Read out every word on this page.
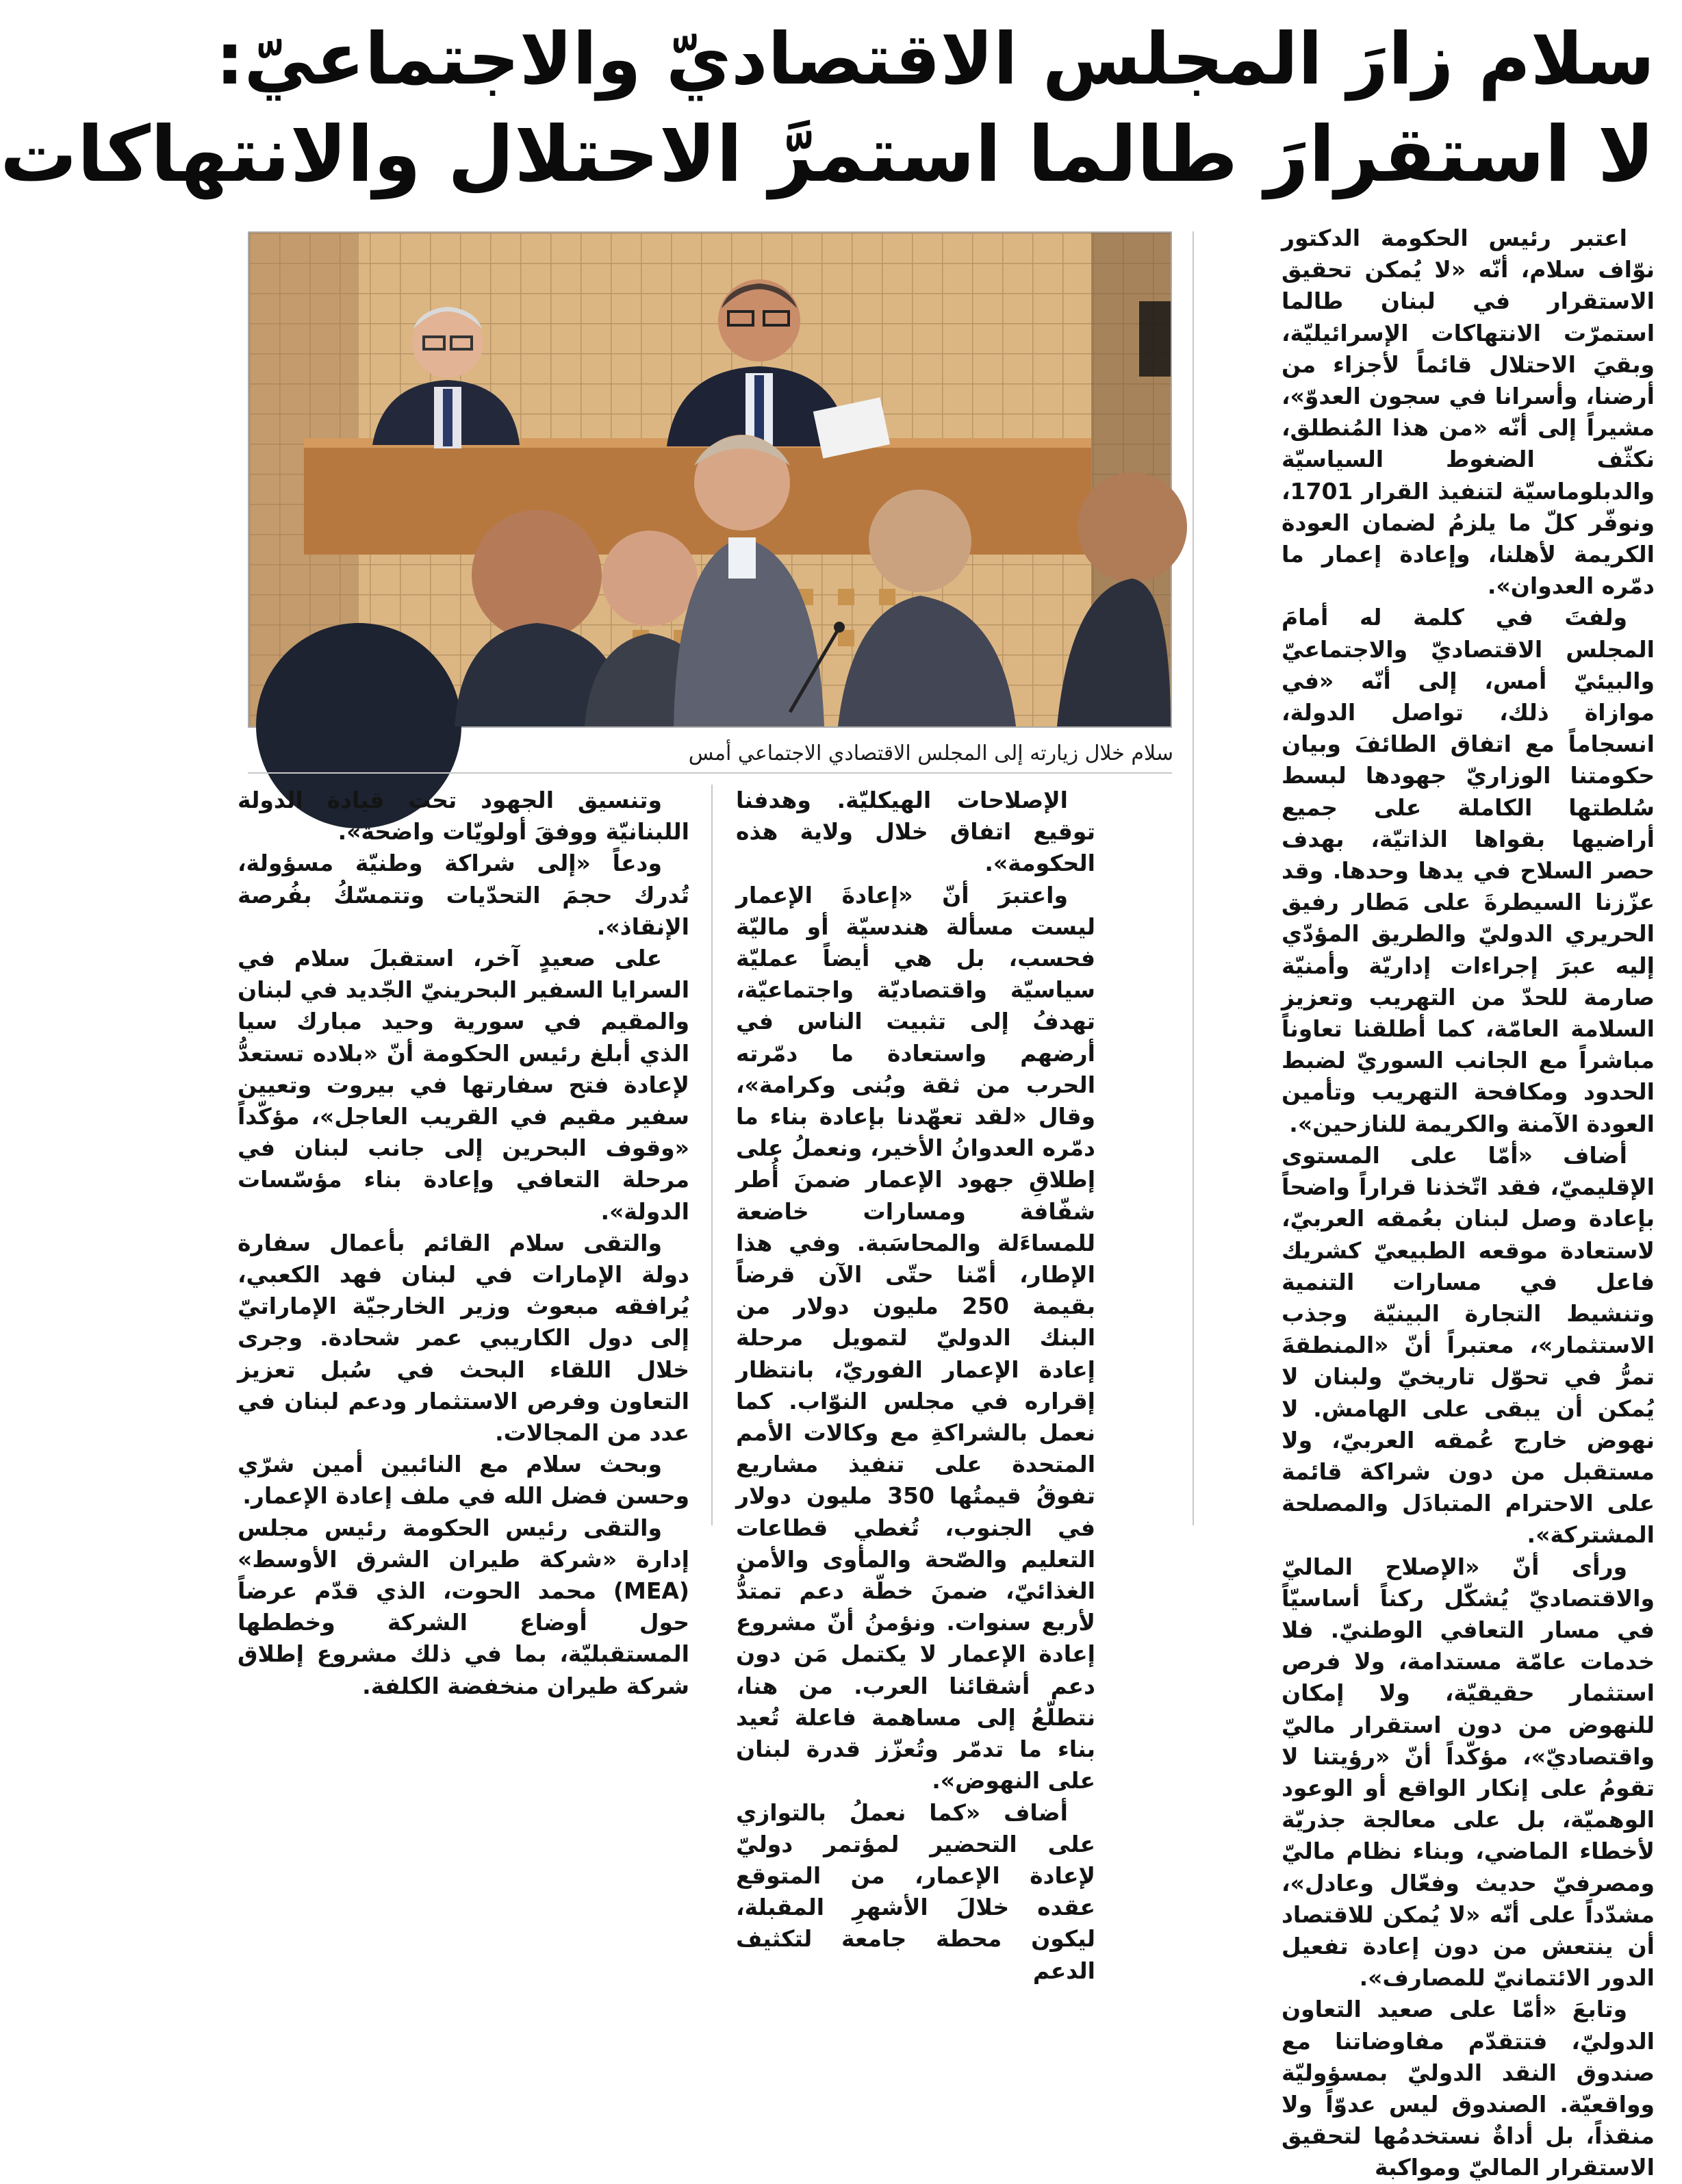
سلام زارَ المجلس الاقتصاديّ والاجتماعيّ:
لا استقرارَ طالما استمرَّ الاحتلال والانتهاكات
سلام خلال زيارته إلى المجلس الاقتصادي الاجتماعي أمس

اعتبر رئيس الحكومة الدكتور نوّاف سلام، أنّه «لا يُمكن تحقيق الاستقرار في لبنان طالما استمرّت الانتهاكات الإسرائيليّة، وبقيَ الاحتلال قائماً لأجزاء من أرضنا، وأسرانا في سجون العدوّ»، مشيراً إلى أنّه «من هذا المُنطلق، نكثّف الضغوط السياسيّة والدبلوماسيّة لتنفيذ القرار 1701، ونوفّر كلّ ما يلزمُ لضمان العودة الكريمة لأهلنا، وإعادة إعمار ما دمّره العدوان».

ولفتَ في كلمة له أمامَ المجلس الاقتصاديّ والاجتماعيّ والبيئيّ أمس، إلى أنّه «في موازاة ذلك، تواصل الدولة، انسجاماً مع اتفاق الطائفَ وبيان حكومتنا الوزاريّ جهودها لبسط سُلطتها الكاملة على جميع أراضيها بقواها الذاتيّة، بهدف حصر السلاح في يدها وحدها. وقد عزّزنا السيطرةَ على مَطار رفيق الحريري الدوليّ والطريق المؤدّي إليه عبرَ إجراءات إداريّة وأمنيّة صارمة للحدّ من التهريب وتعزيز السلامة العامّة، كما أطلقنا تعاوناً مباشراً مع الجانب السوريّ لضبط الحدود ومكافحة التهريب وتأمين العودة الآمنة والكريمة للنازحين».

أضاف «أمّا على المستوى الإقليميّ، فقد اتّخذنا قراراً واضحاً بإعادة وصل لبنان بعُمقه العربيّ، لاستعادة موقعه الطبيعيّ كشريك فاعل في مسارات التنمية وتنشيط التجارة البينيّة وجذب الاستثمار»، معتبراً أنّ «المنطقةَ تمرُّ في تحوّل تاريخيّ ولبنان لا يُمكن أن يبقى على الهامش. لا نهوض خارج عُمقه العربيّ، ولا مستقبل من دون شراكة قائمة على الاحترام المتبادَل والمصلحة المشتركة».

ورأى أنّ «الإصلاح الماليّ والاقتصاديّ يُشكّل ركناً أساسيّاً في مسار التعافي الوطنيّ. فلا خدمات عامّة مستدامة، ولا فرص استثمار حقيقيّة، ولا إمكان للنهوض من دون استقرار ماليّ واقتصاديّ»، مؤكّداً أنّ «رؤيتنا لا تقومُ على إنكار الواقع أو الوعود الوهميّة، بل على معالجة جذريّة لأخطاء الماضي، وبناء نظام ماليّ ومصرفيّ حديث وفعّال وعادل»، مشدّداً على أنّه «لا يُمكن للاقتصاد أن ينتعش من دون إعادة تفعيل الدور الائتمانيّ للمصارف».

وتابعَ «أمّا على صعيد التعاون الدوليّ، فتتقدّم مفاوضاتنا مع صندوق النقد الدوليّ بمسؤوليّة وواقعيّة. الصندوق ليس عدوّاً ولا منقذاً، بل أداةٌ نستخدمُها لتحقيق الاستقرار الماليّ ومواكبة

الإصلاحات الهيكليّة. وهدفنا توقيع اتفاق خلال ولاية هذه الحكومة».

واعتبرَ أنّ «إعادةَ الإعمار ليست مسألة هندسيّة أو ماليّة فحسب، بل هي أيضاً عمليّة سياسيّة واقتصاديّة واجتماعيّة، تهدفُ إلى تثبيت الناس في أرضهم واستعادة ما دمّرته الحرب من ثقة وبُنى وكرامة»، وقال «لقد تعهّدنا بإعادة بناء ما دمّره العدوانُ الأخير، ونعملُ على إطلاقِ جهود الإعمار ضمنَ أُطر شفّافة ومسارات خاضعة للمساءَلة والمحاسَبة. وفي هذا الإطار، أمّنا حتّى الآن قرضاً بقيمة 250 مليون دولار من البنك الدوليّ لتمويل مرحلة إعادة الإعمار الفوريّ، بانتظار إقراره في مجلس النوّاب. كما نعمل بالشراكةِ مع وكالات الأمم المتحدة على تنفيذ مشاريع تفوقُ قيمتُها 350 مليون دولار في الجنوب، تُغطي قطاعات التعليم والصّحة والمأوى والأمن الغذائيّ، ضمنَ خطّة دعم تمتدُّ لأربع سنوات. ونؤمنُ أنّ مشروع إعادة الإعمار لا يكتمل مَن دون دعم أشقائنا العرب. من هنا، نتطلّعُ إلى مساهمة فاعلة تُعيد بناء ما تدمّر وتُعزّز قدرة لبنان على النهوض».

أضاف «كما نعملُ بالتوازي على التحضير لمؤتمر دوليّ لإعادة الإعمار، من المتوقع عقده خلالَ الأشهرِ المقبلة، ليكون محطة جامعة لتكثيف الدعم

وتنسيق الجهود تحت قيادة الدولة اللبنانيّة ووفقَ أولويّات واضحة».

ودعاً «إلى شراكة وطنيّة مسؤولة، تُدرك حجمَ التحدّيات وتتمسّكُ بفُرصة الإنقاذ».

على صعيدٍ آخر، استقبلَ سلام في السرايا السفير البحرينيّ الجّديد في لبنان والمقيم في سورية وحيد مبارك سيا الذي أبلغ رئيس الحكومة أنّ «بلاده تستعدُّ لإعادة فتح سفارتها في بيروت وتعيين سفير مقيم في القريب العاجل»، مؤكّداً «وقوف البحرين إلى جانب لبنان في مرحلة التعافي وإعادة بناء مؤسّسات الدولة».

والتقى سلام القائم بأعمال سفارة دولة الإمارات في لبنان فهد الكعبي، يُرافقه مبعوث وزير الخارجيّة الإماراتيّ إلى دول الكاريبي عمر شحادة. وجرى خلال اللقاء البحث في سُبل تعزيز التعاون وفرص الاستثمار ودعم لبنان في عدد من المجالات.

وبحث سلام مع النائبين أمين شرّي وحسن فضل الله في ملف إعادة الإعمار.

والتقى رئيس الحكومة رئيس مجلس إدارة «شركة طيران الشرق الأوسط» (MEA) محمد الحوت، الذي قدّم عرضاً حول أوضاع الشركة وخططها المستقبليّة، بما في ذلك مشروع إطلاق شركة طيران منخفضة الكلفة.
